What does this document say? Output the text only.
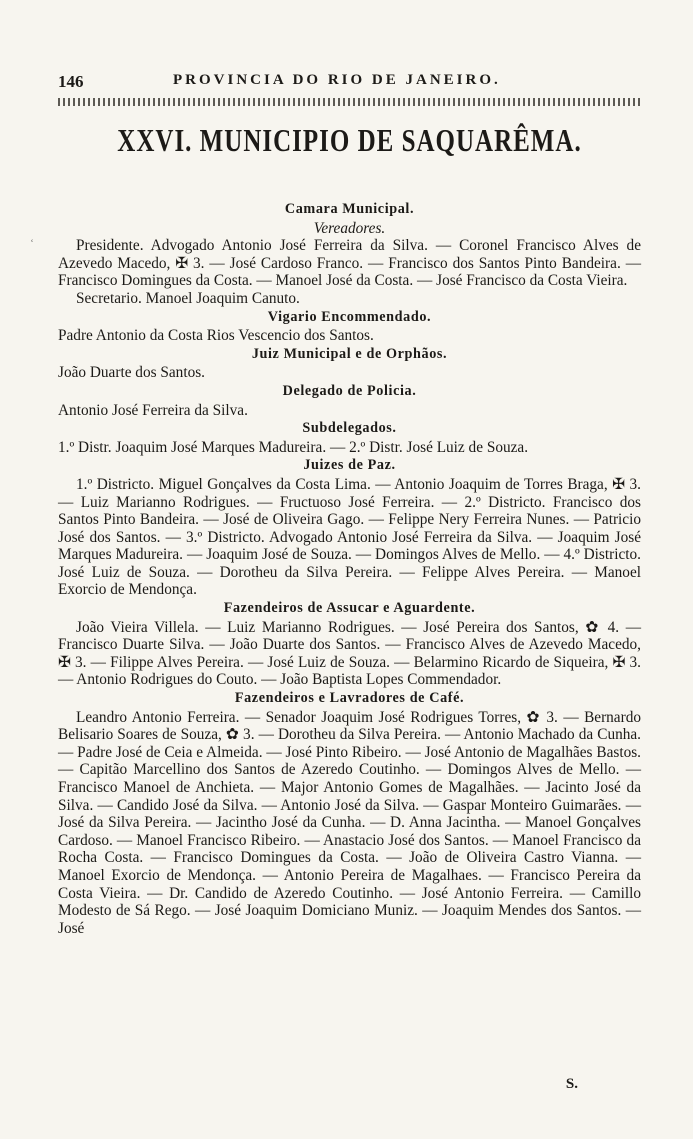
146	PROVINCIA DO RIO DE JANEIRO.
XXVI. MUNICIPIO DE SAQUARÊMA.
ʿ
Camara Municipal.
Vereadores.

Presidente. Advogado Antonio José Ferreira da Silva. — Coronel Francisco Alves de Azevedo Macedo, ✠ 3. — José Cardoso Franco. — Francisco dos Santos Pinto Bandeira. — Francisco Domingues da Costa. — Manoel José da Costa. — José Francisco da Costa Vieira.

Secretario. Manoel Joaquim Canuto.

Vigario Encommendado.

Padre Antonio da Costa Rios Vescencio dos Santos.

Juiz Municipal e de Orphãos.

João Duarte dos Santos.

Delegado de Policia.

Antonio José Ferreira da Silva.

Subdelegados.

1.º Distr. Joaquim José Marques Madureira. — 2.º Distr. José Luiz de Souza.

Juizes de Paz.

1.º Districto. Miguel Gonçalves da Costa Lima. — Antonio Joaquim de Torres Braga, ✠ 3. — Luiz Marianno Rodrigues. — Fructuoso José Ferreira. — 2.º Districto. Francisco dos Santos Pinto Bandeira. — José de Oliveira Gago. — Felippe Nery Ferreira Nunes. — Patricio José dos Santos. — 3.º Districto. Advogado Antonio José Ferreira da Silva. — Joaquim José Marques Madureira. — Joaquim José de Souza. — Domingos Alves de Mello. — 4.º Districto. José Luiz de Souza. — Dorotheu da Silva Pereira. — Felippe Alves Pereira. — Manoel Exorcio de Mendonça.

Fazendeiros de Assucar e Aguardente.

João Vieira Villela. — Luiz Marianno Rodrigues. — José Pereira dos Santos, ✿ 4. — Francisco Duarte Silva. — João Duarte dos Santos. — Francisco Alves de Azevedo Macedo, ✠ 3. — Filippe Alves Pereira. — José Luiz de Souza. — Belarmino Ricardo de Siqueira, ✠ 3. — Antonio Rodrigues do Couto. — João Baptista Lopes Commendador.

Fazendeiros e Lavradores de Café.

Leandro Antonio Ferreira. — Senador Joaquim José Rodrigues Torres, ✿ 3. — Bernardo Belisario Soares de Souza, ✿ 3. — Dorotheu da Silva Pereira. — Antonio Machado da Cunha. — Padre José de Ceia e Almeida. — José Pinto Ribeiro. — José Antonio de Magalhães Bastos. — Capitão Marcellino dos Santos de Azeredo Coutinho. — Domingos Alves de Mello. — Francisco Manoel de Anchieta. — Major Antonio Gomes de Magalhães. — Jacinto José da Silva. — Candido José da Silva. — Antonio José da Silva. — Gaspar Monteiro Guimarães. — José da Silva Pereira. — Jacintho José da Cunha. — D. Anna Jacintha. — Manoel Gonçalves Cardoso. — Manoel Francisco Ribeiro. — Anastacio José dos Santos. — Manoel Francisco da Rocha Costa. — Francisco Domingues da Costa. — João de Oliveira Castro Vianna. — Manoel Exorcio de Mendonça. — Antonio Pereira de Magalhaes. — Francisco Pereira da Costa Vieira. — Dr. Candido de Azeredo Coutinho. — José Antonio Ferreira. — Camillo Modesto de Sá Rego. — José Joaquim Domiciano Muniz. — Joaquim Mendes dos Santos. — José

S.
